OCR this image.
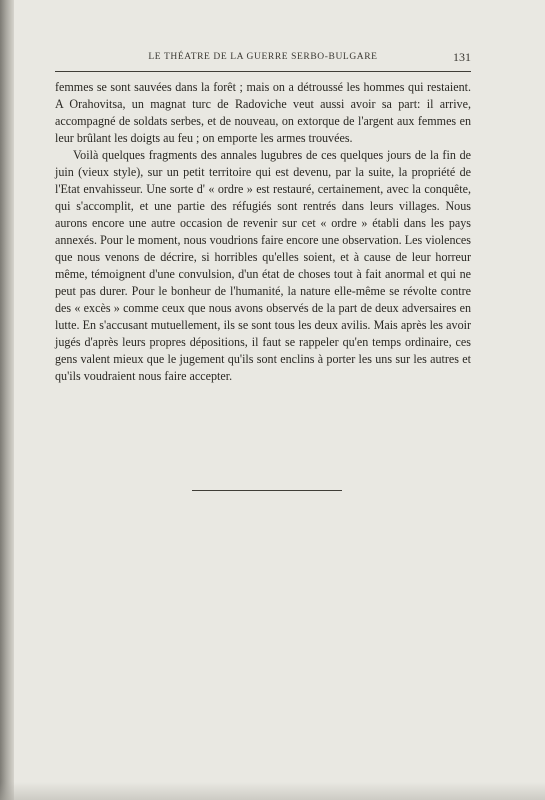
LE THÉATRE DE LA GUERRE SERBO-BULGARE	131

femmes se sont sauvées dans la forêt ; mais on a détroussé les hommes qui restaient. A Orahovitsa, un magnat turc de Radoviche veut aussi avoir sa part: il arrive, accompagné de soldats serbes, et de nouveau, on extorque de l'argent aux femmes en leur brûlant les doigts au feu ; on emporte les armes trouvées.

Voilà quelques fragments des annales lugubres de ces quelques jours de la fin de juin (vieux style), sur un petit territoire qui est devenu, par la suite, la propriété de l'Etat envahisseur. Une sorte d' « ordre » est restauré, certainement, avec la conquête, qui s'accomplit, et une partie des réfugiés sont rentrés dans leurs villages. Nous aurons encore une autre occasion de revenir sur cet « ordre » établi dans les pays annexés. Pour le moment, nous voudrions faire encore une observation. Les violences que nous venons de décrire, si horribles qu'elles soient, et à cause de leur horreur même, témoignent d'une convulsion, d'un état de choses tout à fait anormal et qui ne peut pas durer. Pour le bonheur de l'humanité, la nature elle-même se révolte contre des « excès » comme ceux que nous avons observés de la part de deux adversaires en lutte. En s'accusant mutuellement, ils se sont tous les deux avilis. Mais après les avoir jugés d'après leurs propres dépositions, il faut se rappeler qu'en temps ordinaire, ces gens valent mieux que le jugement qu'ils sont enclins à porter les uns sur les autres et qu'ils voudraient nous faire accepter.
